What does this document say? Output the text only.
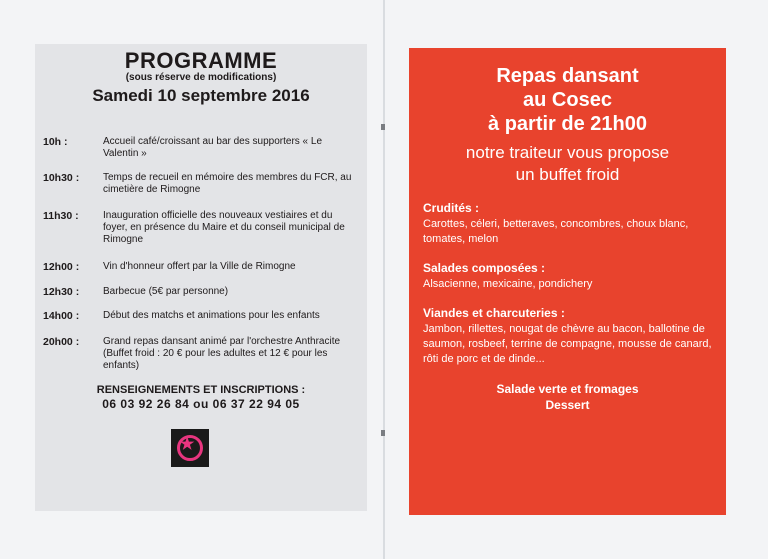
PROGRAMME
(sous réserve de modifications)
Samedi 10 septembre 2016
10h :	Accueil café/croissant au bar des supporters « Le Valentin »
10h30 :	Temps de recueil en mémoire des membres du FCR, au cimetière de Rimogne
11h30 :	Inauguration officielle des nouveaux vestiaires et du foyer, en présence du Maire et du conseil municipal de Rimogne
12h00 :	Vin d'honneur offert par la Ville de Rimogne
12h30 :	Barbecue (5€ par personne)
14h00 :	Début des matchs et animations pour les enfants
20h00 :	Grand repas dansant animé par l'orchestre Anthracite (Buffet froid : 20 € pour les adultes et 12 € pour les enfants)
RENSEIGNEMENTS ET INSCRIPTIONS :
06 03 92 26 84 ou 06 37 22 94 05
★
Repas dansant
au Cosec
à partir de 21h00
notre traiteur vous propose
un buffet froid
Crudités :
Carottes, céleri, betteraves, concombres, choux blanc, tomates, melon
Salades composées :
Alsacienne, mexicaine, pondichery
Viandes et charcuteries :
Jambon, rillettes, nougat de chèvre au bacon, ballotine de saumon, rosbeef, terrine de compagne, mousse de canard, rôti de porc et de dinde...
Salade verte et fromages
Dessert
